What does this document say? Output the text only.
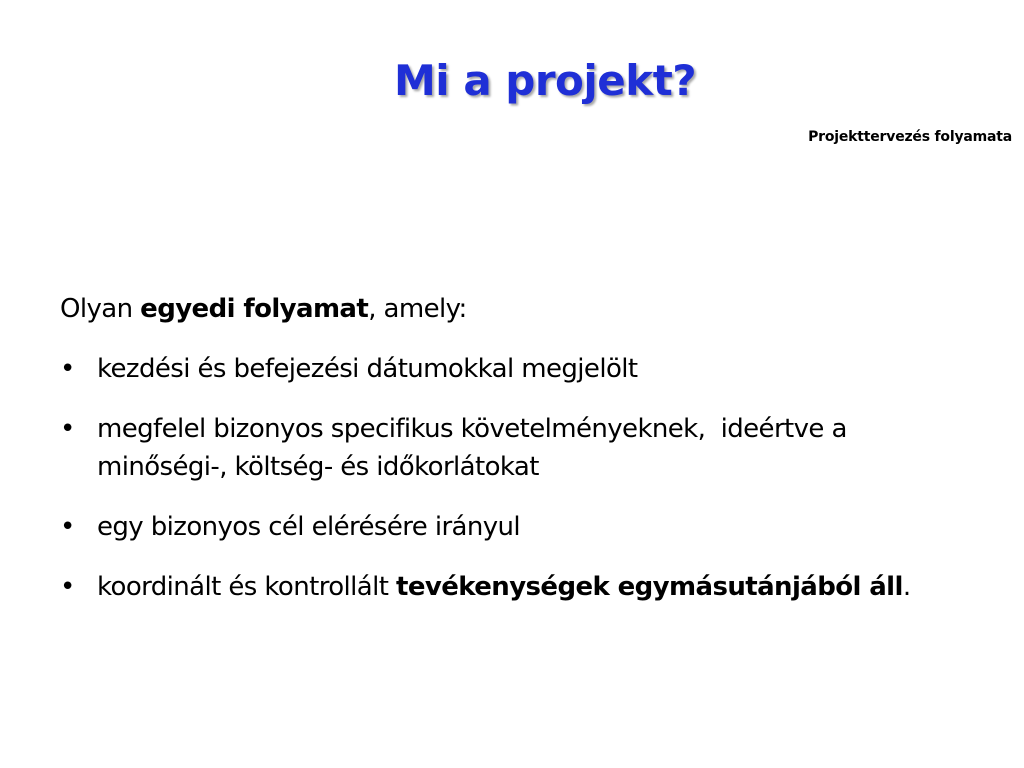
Mi a projekt?
Projekttervezés folyamata

Olyan egyedi folyamat, amely:

• kezdési és befejezési dátumokkal megjelölt
• megfelel bizonyos specifikus követelményeknek,  ideértve a minőségi-, költség- és időkorlátokat
• egy bizonyos cél elérésére irányul
• koordinált és kontrollált tevékenységek egymásutánjából áll.
